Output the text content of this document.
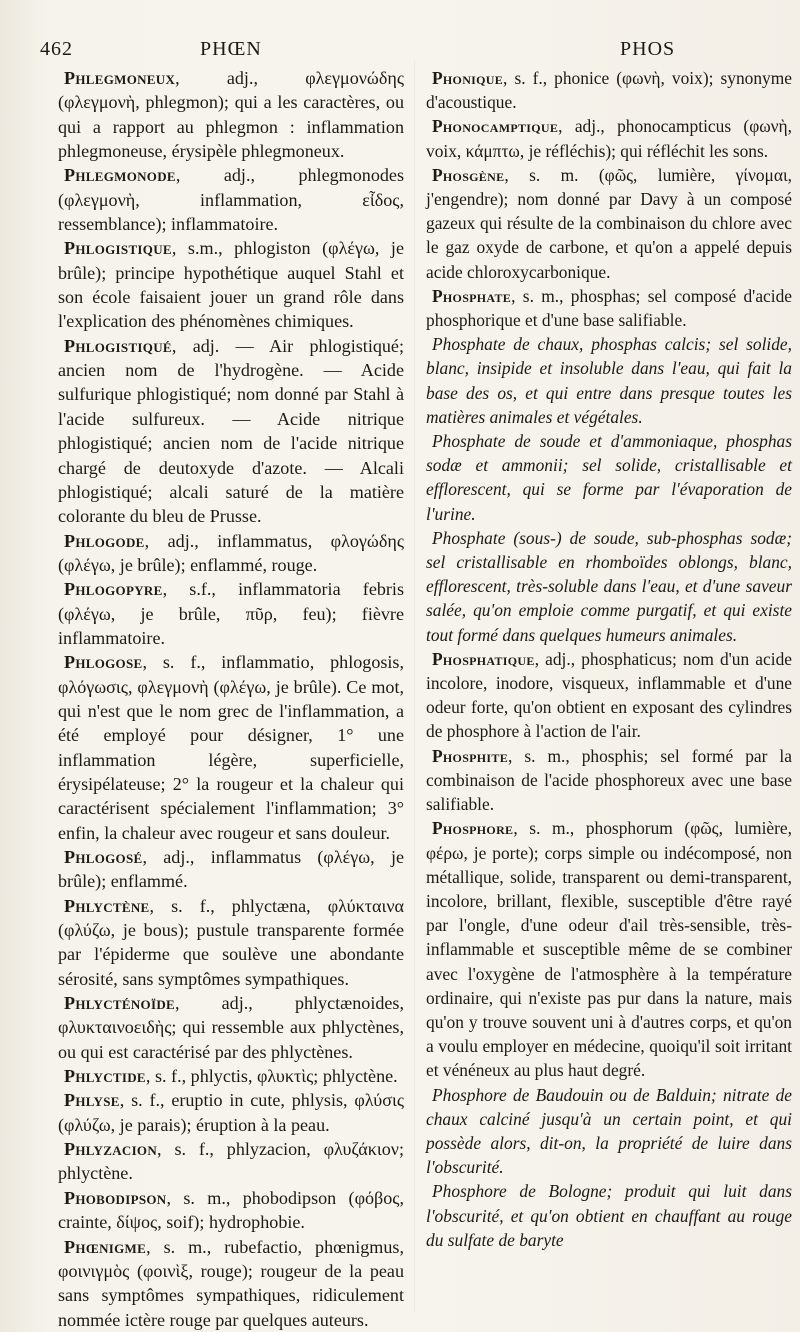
462	PHŒN	PHOS

Phlegmoneux, adj., φλεγμονώδης (φλεγμονὴ, phlegmon); qui a les caractères, ou qui a rapport au phlegmon : inflammation phlegmoneuse, érysipèle phlegmoneux.

Phlegmonode, adj., phlegmonodes (φλεγμονὴ, inflammation, εἶδος, ressemblance); inflammatoire.

Phlogistique, s.m., phlogiston (φλέγω, je brûle); principe hypothétique auquel Stahl et son école faisaient jouer un grand rôle dans l'explication des phénomènes chimiques.

Phlogistiqué, adj. — Air phlogistiqué; ancien nom de l'hydrogène. — Acide sulfurique phlogistiqué; nom donné par Stahl à l'acide sulfureux. — Acide nitrique phlogistiqué; ancien nom de l'acide nitrique chargé de deutoxyde d'azote. — Alcali phlogistiqué; alcali saturé de la matière colorante du bleu de Prusse.

Phlogode, adj., inflammatus, φλογώδης (φλέγω, je brûle); enflammé, rouge.

Phlogopyre, s.f., inflammatoria febris (φλέγω, je brûle, πῦρ, feu); fièvre inflammatoire.

Phlogose, s. f., inflammatio, phlogosis, φλόγωσις, φλεγμονὴ (φλέγω, je brûle). Ce mot, qui n'est que le nom grec de l'inflammation, a été employé pour désigner, 1° une inflammation légère, superficielle, érysipélateuse; 2° la rougeur et la chaleur qui caractérisent spécialement l'inflammation; 3° enfin, la chaleur avec rougeur et sans douleur.

Phlogosé, adj., inflammatus (φλέγω, je brûle); enflammé.

Phlyctène, s. f., phlyctæna, φλύκταινα (φλύζω, je bous); pustule transparente formée par l'épiderme que soulève une abondante sérosité, sans symptômes sympathiques.

Phlycténoïde, adj., phlyctænoides, φλυκταινοειδὴς; qui ressemble aux phlyctènes, ou qui est caractérisé par des phlyctènes.

Phlyctide, s. f., phlyctis, φλυκτὶς; phlyctène.

Phlyse, s. f., eruptio in cute, phlysis, φλύσις (φλύζω, je parais); éruption à la peau.

Phlyzacion, s. f., phlyzacion, φλυζάκιον; phlyctène.

Phobodipson, s. m., phobodipson (φόβος, crainte, δίψος, soif); hydrophobie.

Phœnigme, s. m., rubefactio, phœnigmus, φοινιγμὸς (φοινὶξ, rouge); rougeur de la peau sans symptômes sympathiques, ridiculement nommée ictère rouge par quelques auteurs.

Phonique, s. f., phonice (φωνὴ, voix); synonyme d'acoustique.

Phonocamptique, adj., phonocampticus (φωνὴ, voix, κάμπτω, je réfléchis); qui réfléchit les sons.

Phosgène, s. m. (φῶς, lumière, γίνομαι, j'engendre); nom donné par Davy à un composé gazeux qui résulte de la combinaison du chlore avec le gaz oxyde de carbone, et qu'on a appelé depuis acide chloroxycarbonique.

Phosphate, s. m., phosphas; sel composé d'acide phosphorique et d'une base salifiable.

Phosphate de chaux, phosphas calcis; sel solide, blanc, insipide et insoluble dans l'eau, qui fait la base des os, et qui entre dans presque toutes les matières animales et végétales.

Phosphate de soude et d'ammoniaque, phosphas sodæ et ammonii; sel solide, cristallisable et efflorescent, qui se forme par l'évaporation de l'urine.

Phosphate (sous-) de soude, sub-phosphas sodæ; sel cristallisable en rhomboïdes oblongs, blanc, efflorescent, très-soluble dans l'eau, et d'une saveur salée, qu'on emploie comme purgatif, et qui existe tout formé dans quelques humeurs animales.

Phosphatique, adj., phosphaticus; nom d'un acide incolore, inodore, visqueux, inflammable et d'une odeur forte, qu'on obtient en exposant des cylindres de phosphore à l'action de l'air.

Phosphite, s. m., phosphis; sel formé par la combinaison de l'acide phosphoreux avec une base salifiable.

Phosphore, s. m., phosphorum (φῶς, lumière, φέρω, je porte); corps simple ou indécomposé, non métallique, solide, transparent ou demi-transparent, incolore, brillant, flexible, susceptible d'être rayé par l'ongle, d'une odeur d'ail très-sensible, très-inflammable et susceptible même de se combiner avec l'oxygène de l'atmosphère à la température ordinaire, qui n'existe pas pur dans la nature, mais qu'on y trouve souvent uni à d'autres corps, et qu'on a voulu employer en médecine, quoiqu'il soit irritant et vénéneux au plus haut degré.

Phosphore de Baudouin ou de Balduin; nitrate de chaux calciné jusqu'à un certain point, et qui possède alors, dit-on, la propriété de luire dans l'obscurité.

Phosphore de Bologne; produit qui luit dans l'obscurité, et qu'on obtient en chauffant au rouge du sulfate de baryte
